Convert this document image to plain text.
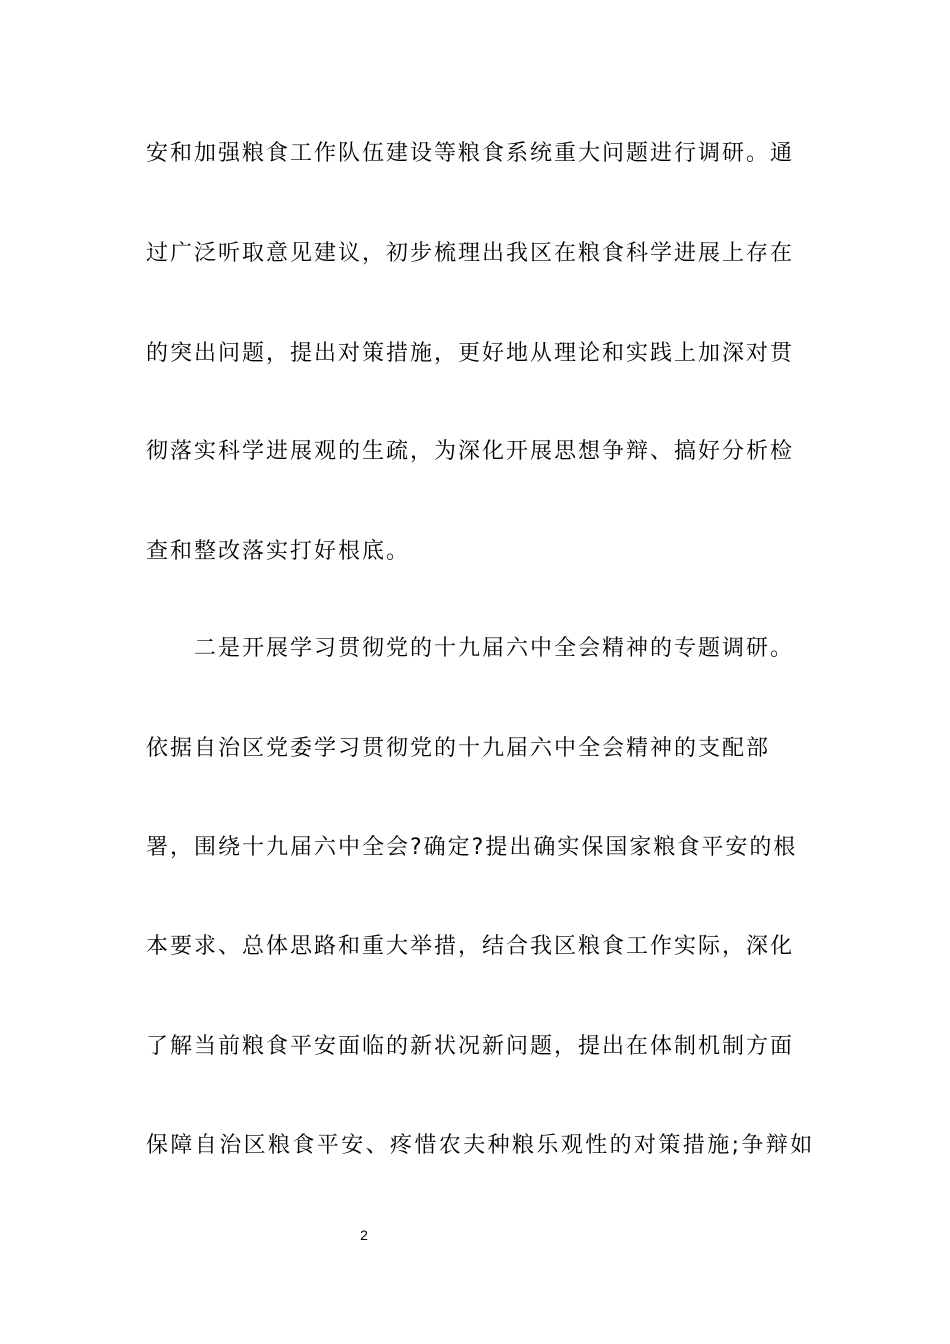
安和加强粮食工作队伍建设等粮食系统重大问题进行调研。通
过广泛听取意见建议，初步梳理出我区在粮食科学进展上存在
的突出问题，提出对策措施，更好地从理论和实践上加深对贯
彻落实科学进展观的生疏，为深化开展思想争辩、搞好分析检
查和整改落实打好根底。
二是开展学习贯彻党的十九届六中全会精神的专题调研。
依据自治区党委学习贯彻党的十九届六中全会精神的支配部
署，围绕十九届六中全会?确定?提出确实保国家粮食平安的根
本要求、总体思路和重大举措，结合我区粮食工作实际，深化
了解当前粮食平安面临的新状况新问题，提出在体制机制方面
保障自治区粮食平安、疼惜农夫种粮乐观性的对策措施;争辩如
2
